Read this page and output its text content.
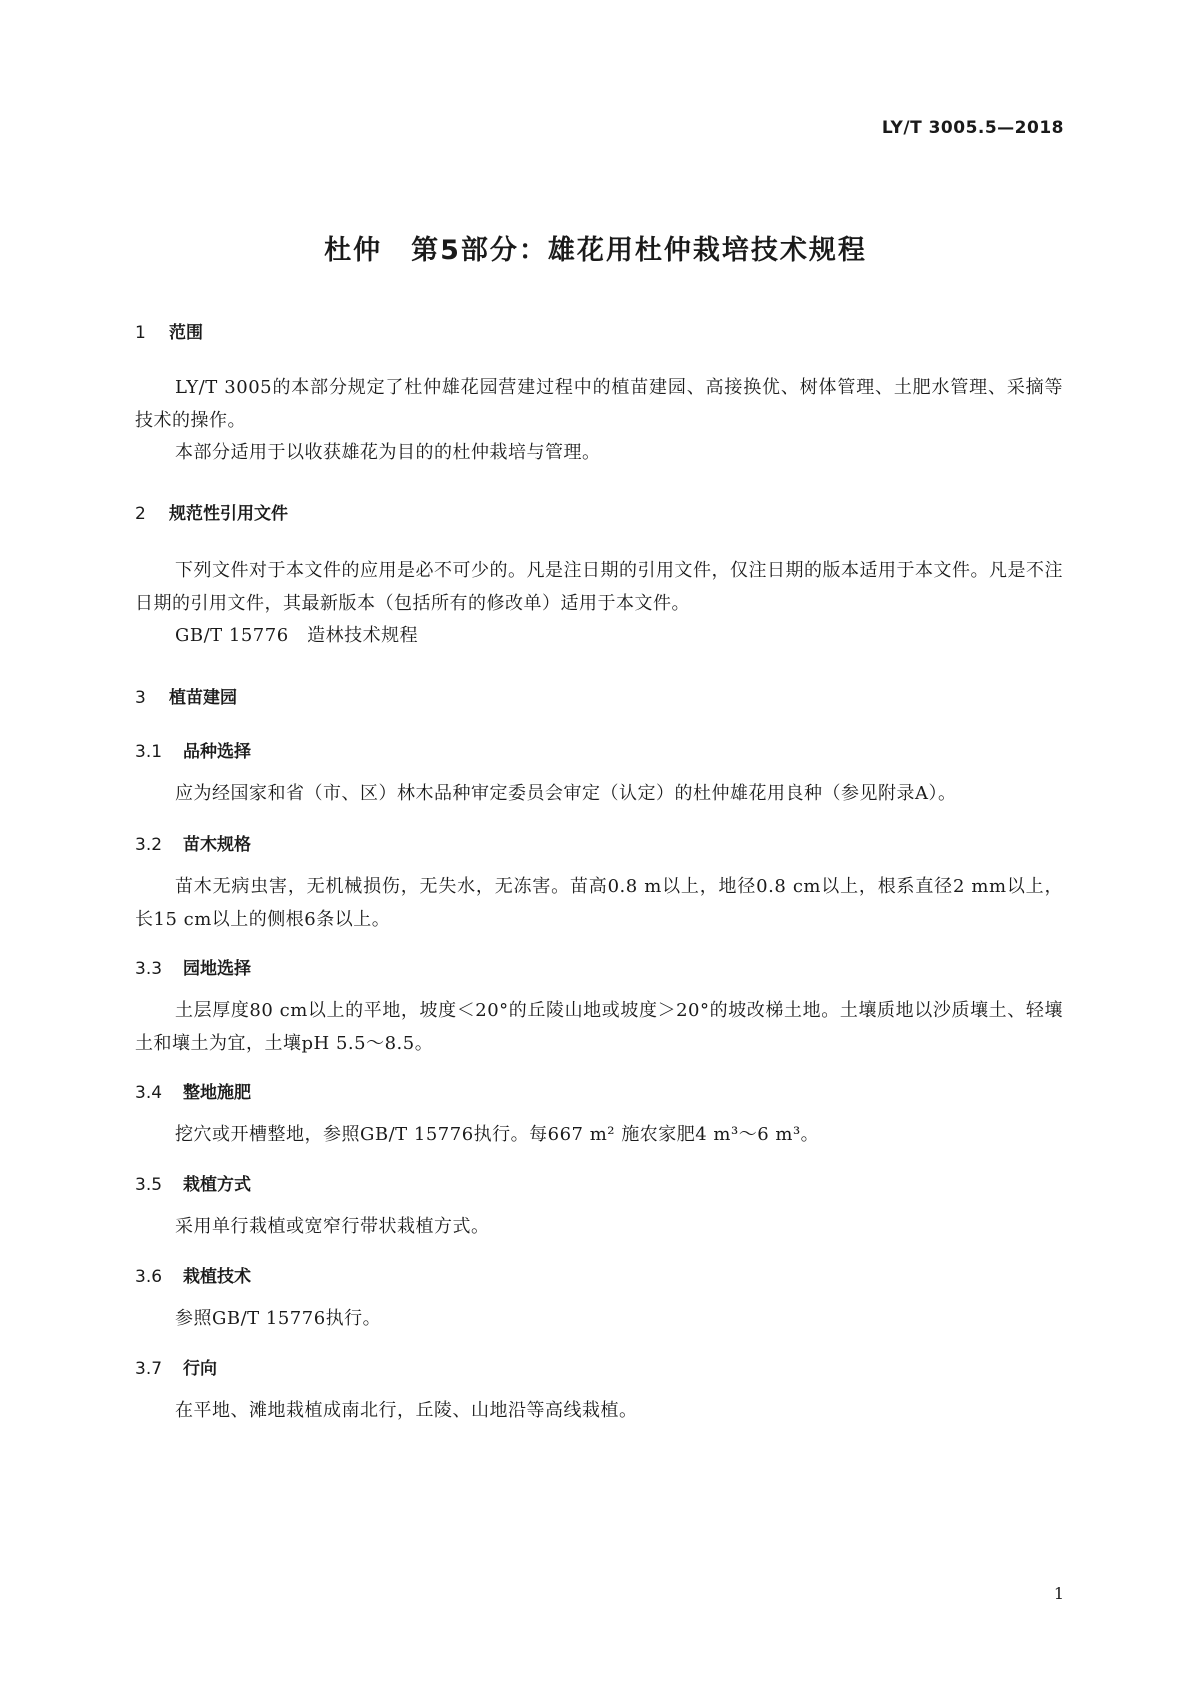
LY/T 3005.5—2018
杜仲　第5部分：雄花用杜仲栽培技术规程
1 范围
LY/T 3005的本部分规定了杜仲雄花园营建过程中的植苗建园、高接换优、树体管理、土肥水管理、采摘等技术的操作。
本部分适用于以收获雄花为目的的杜仲栽培与管理。
2 规范性引用文件
下列文件对于本文件的应用是必不可少的。凡是注日期的引用文件，仅注日期的版本适用于本文件。凡是不注日期的引用文件，其最新版本（包括所有的修改单）适用于本文件。
GB/T 15776　造林技术规程
3 植苗建园
3.1 品种选择
应为经国家和省（市、区）林木品种审定委员会审定（认定）的杜仲雄花用良种（参见附录A）。
3.2 苗木规格
苗木无病虫害，无机械损伤，无失水，无冻害。苗高0.8 m以上，地径0.8 cm以上，根系直径2 mm以上，长15 cm以上的侧根6条以上。
3.3 园地选择
土层厚度80 cm以上的平地，坡度＜20°的丘陵山地或坡度＞20°的坡改梯土地。土壤质地以沙质壤土、轻壤土和壤土为宜，土壤pH 5.5～8.5。
3.4 整地施肥
挖穴或开槽整地，参照GB/T 15776执行。每667 m² 施农家肥4 m³～6 m³。
3.5 栽植方式
采用单行栽植或宽窄行带状栽植方式。
3.6 栽植技术
参照GB/T 15776执行。
3.7 行向
在平地、滩地栽植成南北行，丘陵、山地沿等高线栽植。
1
